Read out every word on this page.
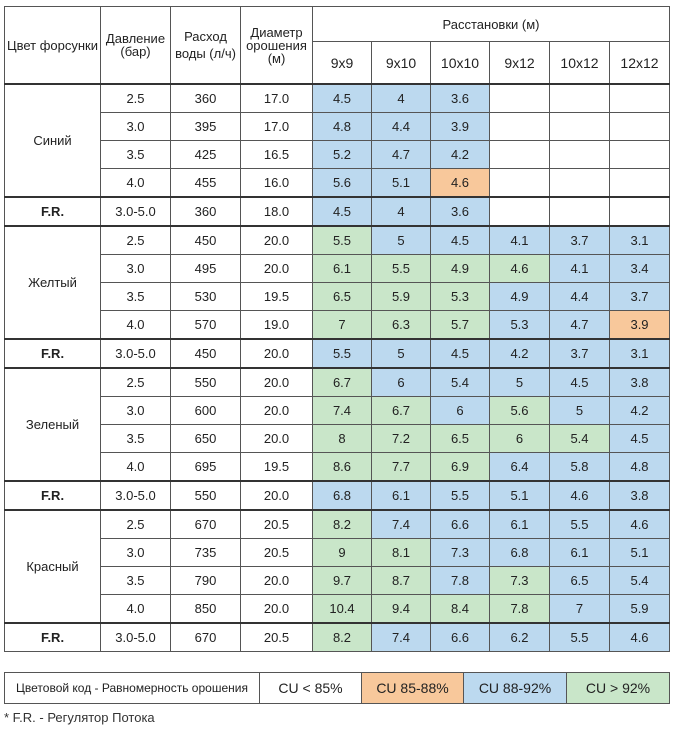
Цвет форсунки	Давление (бар)	Расход воды (л/ч)	Диаметр орошения (м)	Расстановки (м)					
				9x9	9x10	10x10	9x12	10x12	12x12
Синий	2.5	360	17.0	4.5	4	3.6			
	3.0	395	17.0	4.8	4.4	3.9			
	3.5	425	16.5	5.2	4.7	4.2			
	4.0	455	16.0	5.6	5.1	4.6			
F.R.	3.0-5.0	360	18.0	4.5	4	3.6			
Желтый	2.5	450	20.0	5.5	5	4.5	4.1	3.7	3.1
	3.0	495	20.0	6.1	5.5	4.9	4.6	4.1	3.4
	3.5	530	19.5	6.5	5.9	5.3	4.9	4.4	3.7
	4.0	570	19.0	7	6.3	5.7	5.3	4.7	3.9
F.R.	3.0-5.0	450	20.0	5.5	5	4.5	4.2	3.7	3.1
Зеленый	2.5	550	20.0	6.7	6	5.4	5	4.5	3.8
	3.0	600	20.0	7.4	6.7	6	5.6	5	4.2
	3.5	650	20.0	8	7.2	6.5	6	5.4	4.5
	4.0	695	19.5	8.6	7.7	6.9	6.4	5.8	4.8
F.R.	3.0-5.0	550	20.0	6.8	6.1	5.5	5.1	4.6	3.8
Красный	2.5	670	20.5	8.2	7.4	6.6	6.1	5.5	4.6
	3.0	735	20.5	9	8.1	7.3	6.8	6.1	5.1
	3.5	790	20.0	9.7	8.7	7.8	7.3	6.5	5.4
	4.0	850	20.0	10.4	9.4	8.4	7.8	7	5.9
F.R.	3.0-5.0	670	20.5	8.2	7.4	6.6	6.2	5.5	4.6
Цветовой код - Равномерность орошения	CU < 85%	CU 85-88%	CU 88-92%	CU > 92%
* F.R. - Регулятор Потока
